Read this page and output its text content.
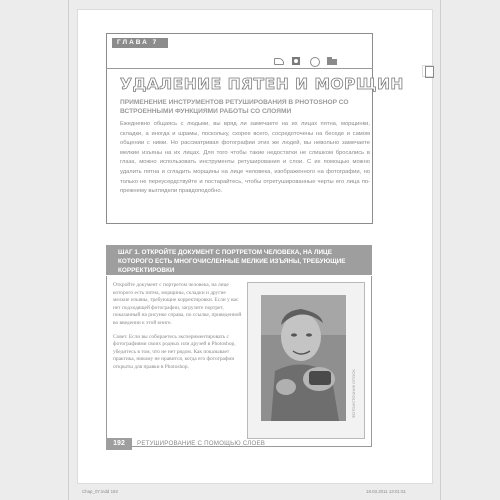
ГЛАВА 7
УДАЛЕНИЕ ПЯТЕН И МОРЩИН
ПРИМЕНЕНИЕ ИНСТРУМЕНТОВ РЕТУШИРОВАНИЯ В PHOTOSHOP СО ВСТРОЕННЫМИ ФУНКЦИЯМИ РАБОТЫ СО СЛОЯМИ
Ежедневно общаясь с людьми, вы вряд ли замечаете на их лицах пятна, морщинки, складки, а иногда и шрамы, поскольку, скорее всего, сосредоточены на беседе и самом общении с ними. Но рассматривая фотографии этих же людей, вы невольно замечаете мелкие изъяны на их лицах. Для того чтобы такие недостатки не слишком бросались в глаза, можно использовать инструменты ретуширования и слои. С их помощью можно удалить пятна и сгладить морщины на лице человека, изображенного на фотографии, но только не переусердствуйте и постарайтесь, чтобы отретушированные черты его лица по-прежнему выглядели правдоподобно.
ШАГ 1. ОТКРОЙТЕ ДОКУМЕНТ С ПОРТРЕТОМ ЧЕЛОВЕКА, НА ЛИЦЕ КОТОРОГО ЕСТЬ МНОГОЧИСЛЕННЫЕ МЕЛКИЕ ИЗЪЯНЫ, ТРЕБУЮЩИЕ КОРРЕКТИРОВКИ

Откройте документ с портретом человека, на лице которого есть пятна, морщины, складки и другие мелкие изъяны, требующие корректировки. Если у вас нет подходящей фотографии, загрузите портрет, показанный на рисунке справа, по ссылке, приведенной во введении к этой книге.

Совет. Если вы собираетесь экспериментировать с фотографиями своих родных или друзей в Photoshop, убедитесь в том, что не нет рядом. Как показывает практика, никому не нравится, когда его фотографии открыты для правки в Photoshop.

ФОТОИСТОЧНИК iSTOCK
192	РЕТУШИРОВАНИЕ С ПОМОЩЬЮ СЛОЕВ
Chap_07.indd 192	18.03.2011 13:01:51
